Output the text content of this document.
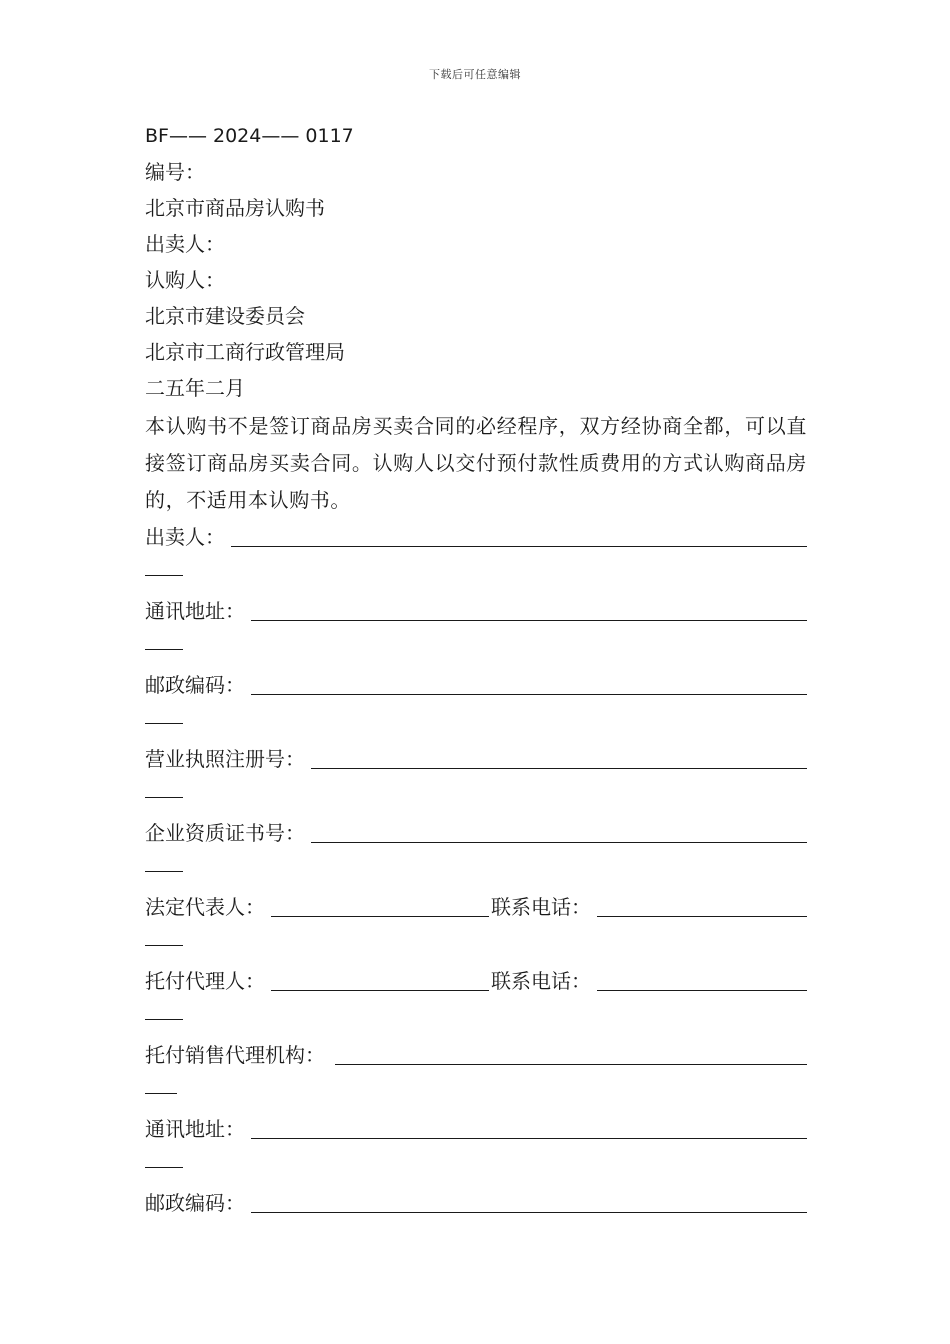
下载后可任意编辑
BF—— 2024—— 0117
编号：
北京市商品房认购书
出卖人：
认购人：
北京市建设委员会
北京市工商行政管理局
二五年二月

本认购书不是签订商品房买卖合同的必经程序，双方经协商全都，可以直接签订商品房买卖合同。认购人以交付预付款性质费用的方式认购商品房的，不适用本认购书。

出卖人：
通讯地址：
邮政编码：
营业执照注册号：
企业资质证书号：
法定代表人：	联系电话：
托付代理人：	联系电话：
托付销售代理机构：
通讯地址：
邮政编码：
